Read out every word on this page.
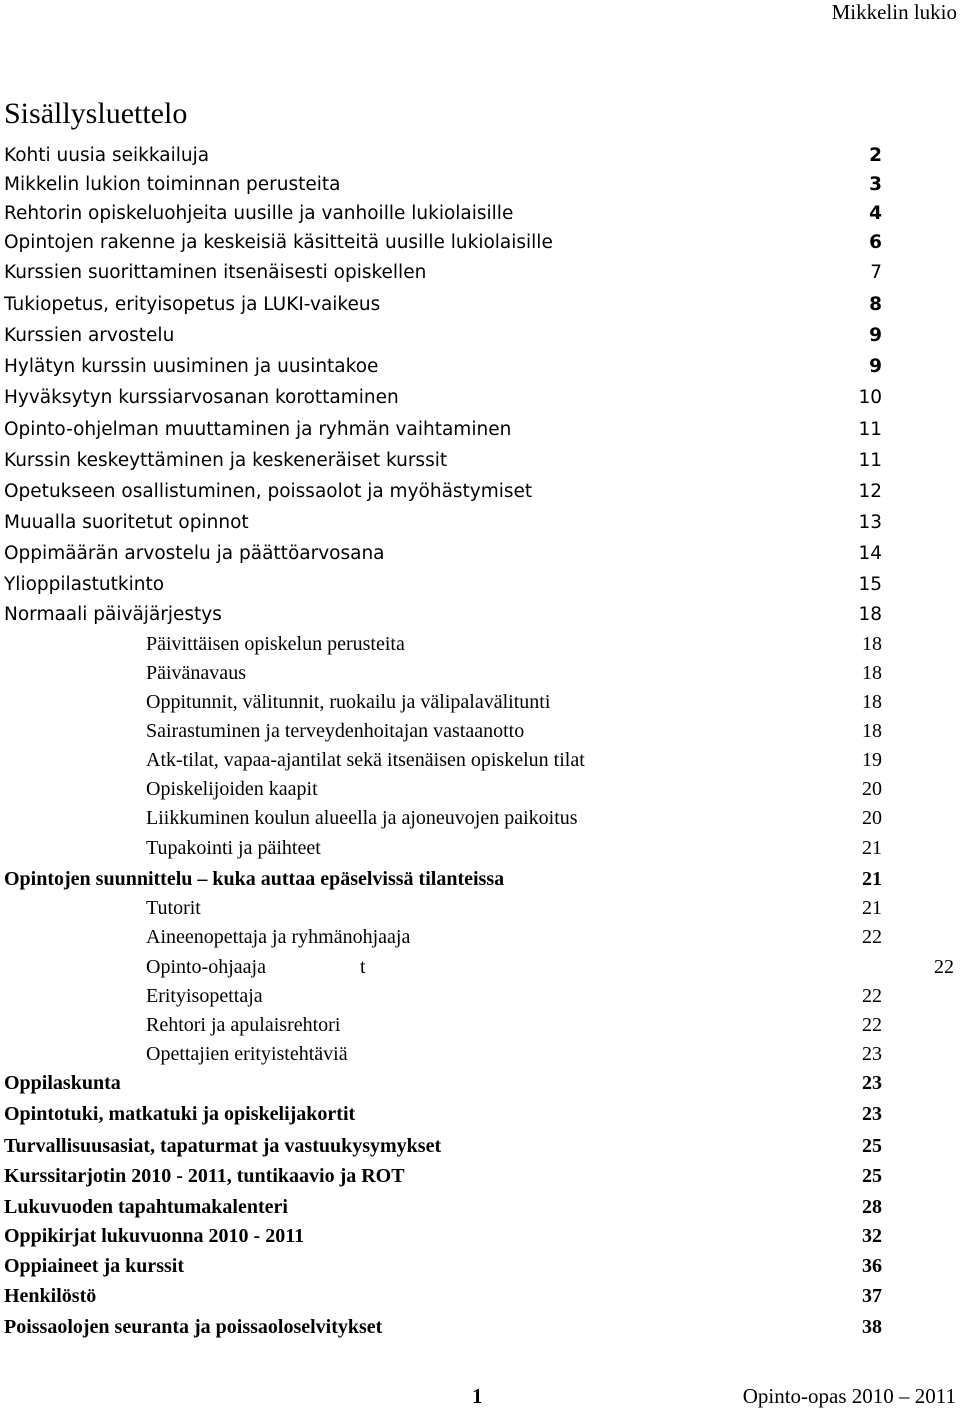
Mikkelin lukio
Sisällysluettelo
Kohti uusia seikkailuja	2
Mikkelin lukion toiminnan perusteita	3
Rehtorin opiskeluohjeita uusille ja vanhoille lukiolaisille	4
Opintojen rakenne ja keskeisiä käsitteitä uusille lukiolaisille	6
Kurssien suorittaminen itsenäisesti opiskellen	7
Tukiopetus, erityisopetus ja LUKI-vaikeus	8
Kurssien arvostelu	9
Hylätyn kurssin uusiminen ja uusintakoe	9
Hyväksytyn kurssiarvosanan korottaminen	10
Opinto-ohjelman muuttaminen ja ryhmän vaihtaminen	11
Kurssin keskeyttäminen ja keskeneräiset kurssit	11
Opetukseen osallistuminen, poissaolot ja myöhästymiset	12
Muualla suoritetut opinnot	13
Oppimäärän arvostelu ja päättöarvosana	14
Ylioppilastutkinto	15
Normaali päiväjärjestys	18
Päivittäisen opiskelun perusteita	18
Päivänavaus	18
Oppitunnit, välitunnit, ruokailu ja välipalavälitunti	18
Sairastuminen ja terveydenhoitajan vastaanotto	18
Atk-tilat, vapaa-ajantilat sekä itsenäisen opiskelun tilat	19
Opiskelijoiden kaapit	20
Liikkuminen koulun alueella ja ajoneuvojen paikoitus	20
Tupakointi ja päihteet	21
Opintojen suunnittelu – kuka auttaa epäselvissä tilanteissa	21
Tutorit	21
Aineenopettaja ja ryhmänohjaaja	22
Opinto-ohjaaja	t	22
Erityisopettaja	22
Rehtori ja apulaisrehtori	22
Opettajien erityistehtäviä	23
Oppilaskunta	23
Opintotuki, matkatuki ja opiskelijakortit	23
Turvallisuusasiat, tapaturmat ja vastuukysymykset	25
Kurssitarjotin 2010 - 2011, tuntikaavio ja ROT	25
Lukuvuoden tapahtumakalenteri	28
Oppikirjat lukuvuonna 2010 - 2011	32
Oppiaineet ja kurssit	36
Henkilöstö	37
Poissaolojen seuranta ja poissaoloselvitykset	38
1	Opinto-opas 2010 – 2011
